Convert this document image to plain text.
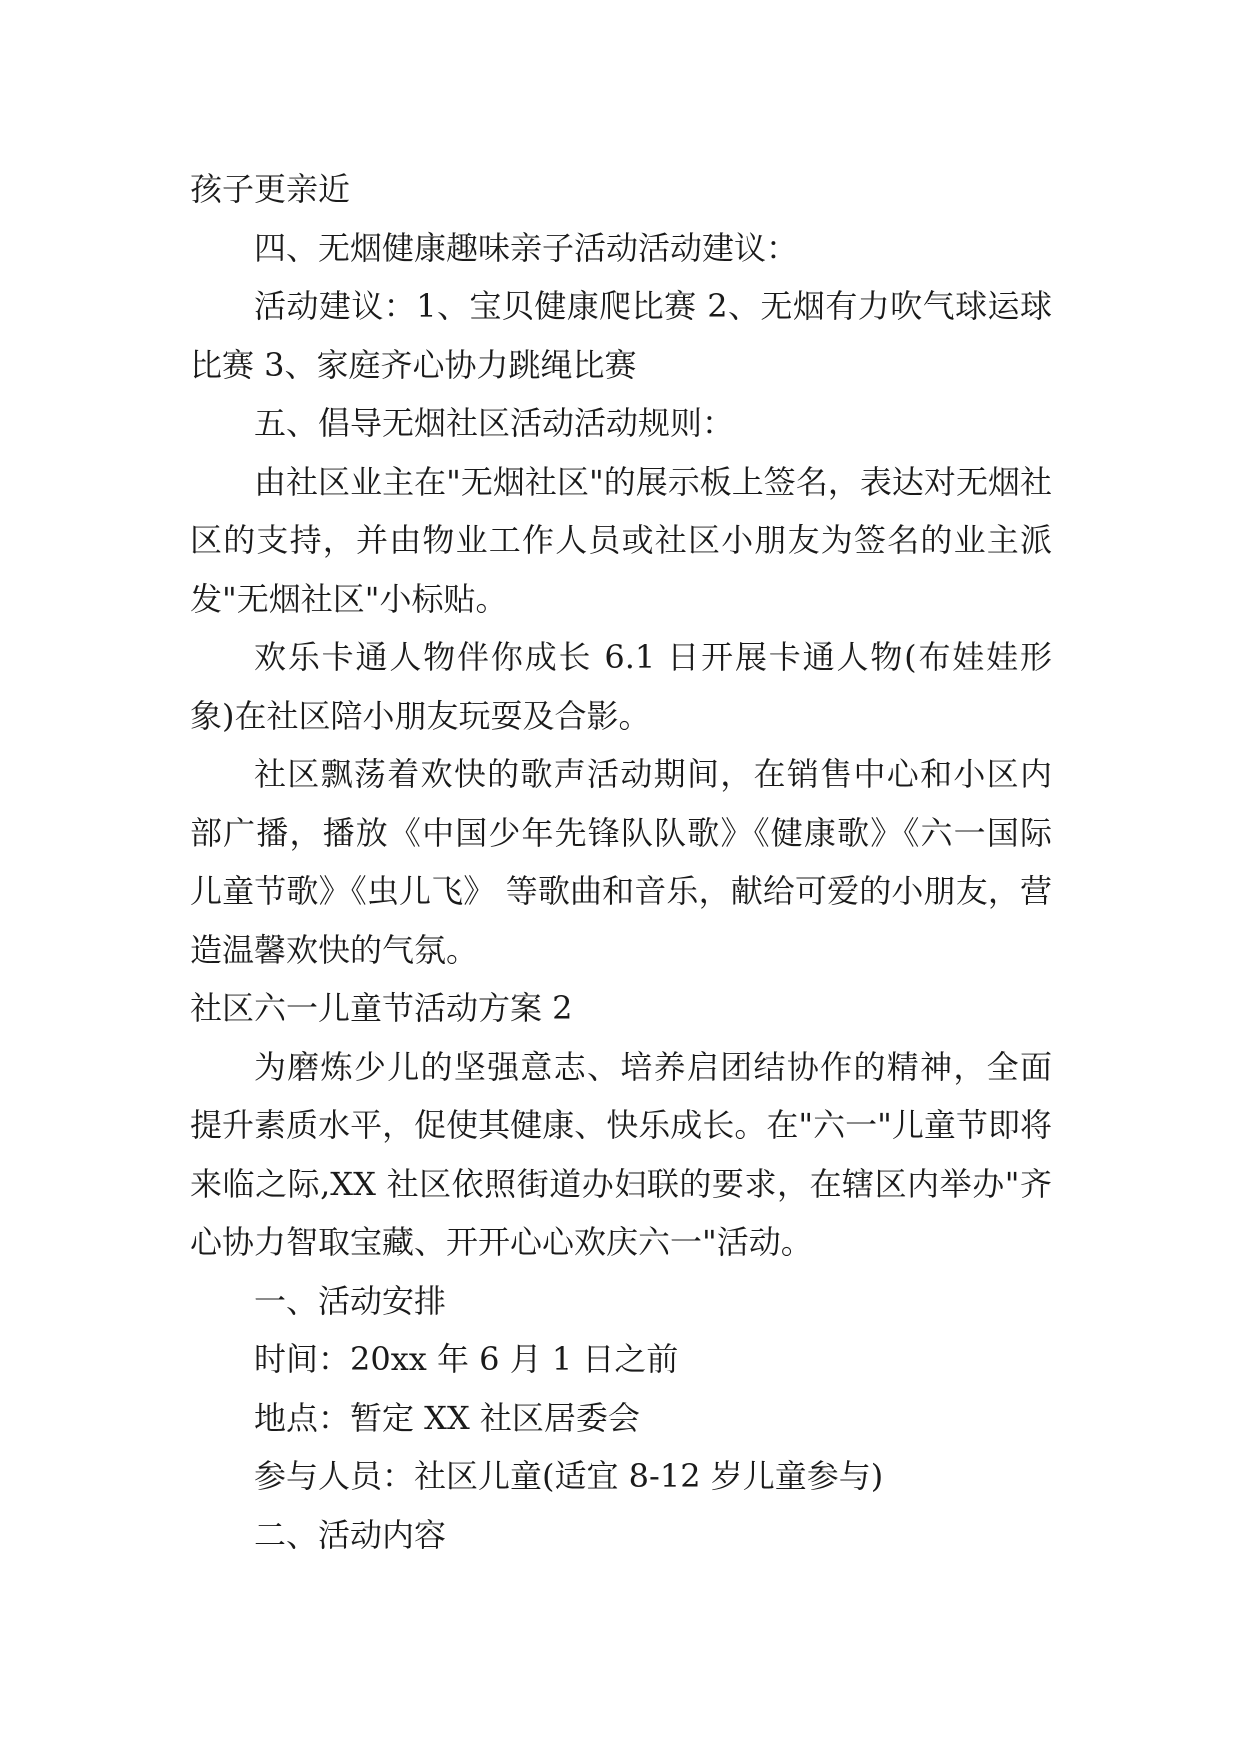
孩子更亲近

四、无烟健康趣味亲子活动活动建议：

活动建议：1、宝贝健康爬比赛 2、无烟有力吹气球运球比赛 3、家庭齐心协力跳绳比赛

五、倡导无烟社区活动活动规则：

由社区业主在"无烟社区"的展示板上签名，表达对无烟社区的支持，并由物业工作人员或社区小朋友为签名的业主派发"无烟社区"小标贴。

欢乐卡通人物伴你成长 6.1 日开展卡通人物(布娃娃形象)在社区陪小朋友玩耍及合影。

社区飘荡着欢快的歌声活动期间，在销售中心和小区内部广播，播放《中国少年先锋队队歌》《健康歌》《六一国际儿童节歌》《虫儿飞》 等歌曲和音乐，献给可爱的小朋友，营造温馨欢快的气氛。

社区六一儿童节活动方案 2

为磨炼少儿的坚强意志、培养启团结协作的精神，全面提升素质水平，促使其健康、快乐成长。在"六一"儿童节即将来临之际,XX 社区依照街道办妇联的要求，在辖区内举办"齐心协力智取宝藏、开开心心欢庆六一"活动。

一、活动安排

时间：20xx 年 6 月 1 日之前

地点：暂定 XX 社区居委会

参与人员：社区儿童(适宜 8-12 岁儿童参与)

二、活动内容
